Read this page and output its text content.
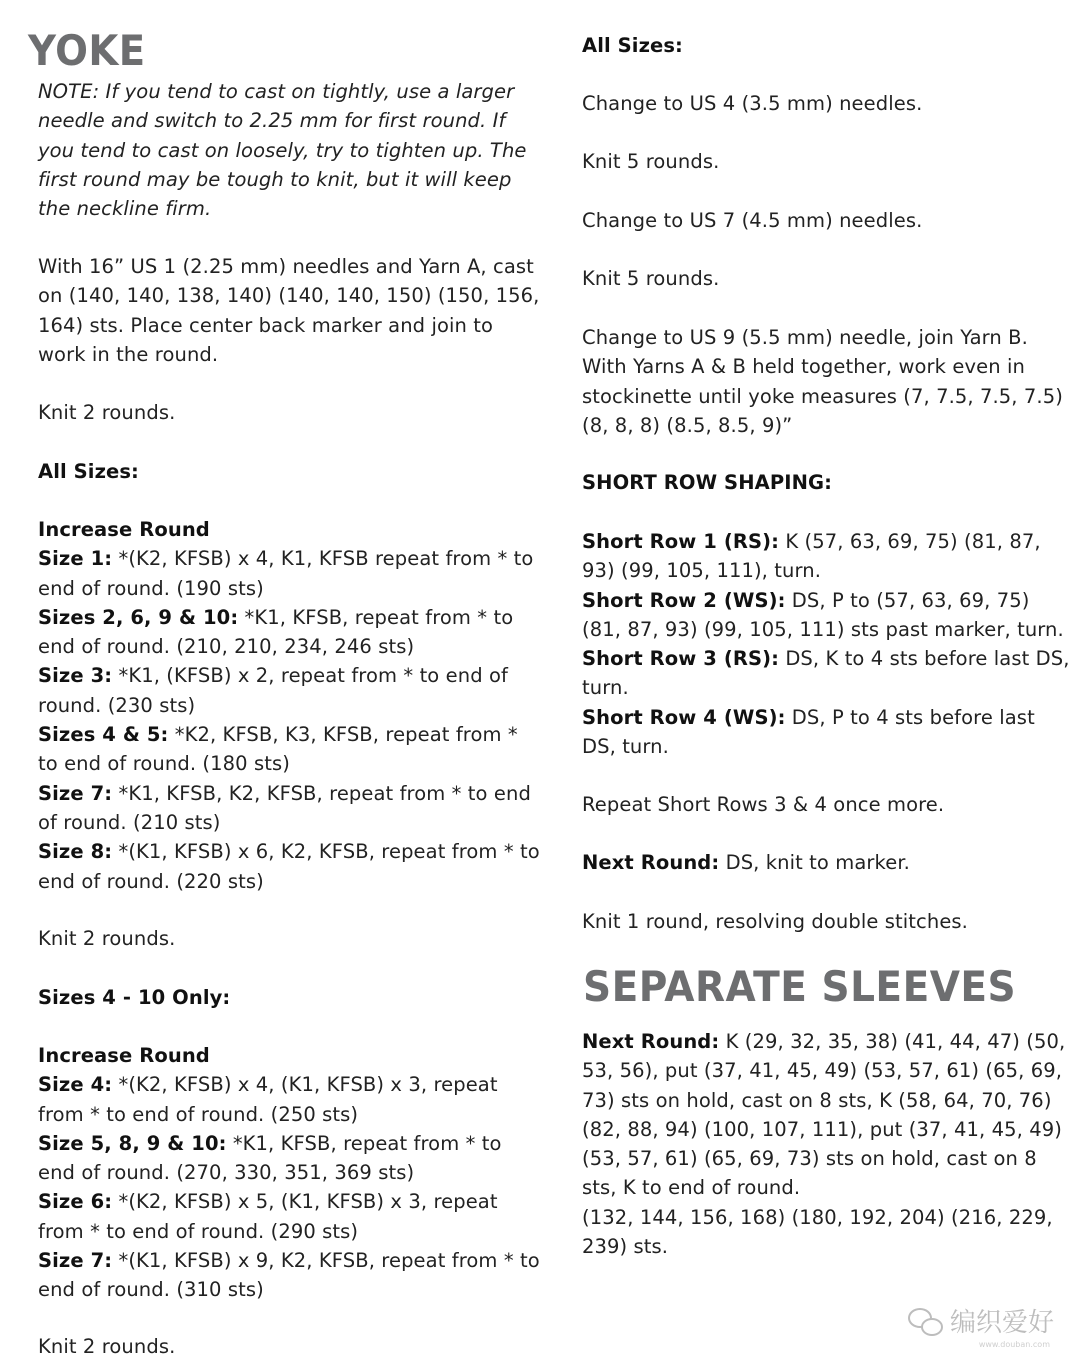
YOKE

NOTE: If you tend to cast on tightly, use a larger needle and switch to 2.25 mm for first round. If you tend to cast on loosely, try to tighten up. The first round may be tough to knit, but it will keep the neckline firm.

With 16” US 1 (2.25 mm) needles and Yarn A, cast on (140, 140, 138, 140) (140, 140, 150) (150, 156, 164) sts. Place center back marker and join to work in the round.

Knit 2 rounds.

All Sizes:

Increase Round
Size 1: *(K2, KFSB) x 4, K1, KFSB repeat from * to end of round. (190 sts)
Sizes 2, 6, 9 & 10: *K1, KFSB, repeat from * to end of round. (210, 210, 234, 246 sts)
Size 3: *K1, (KFSB) x 2, repeat from * to end of round. (230 sts)
Sizes 4 & 5: *K2, KFSB, K3, KFSB, repeat from * to end of round. (180 sts)
Size 7: *K1, KFSB, K2, KFSB, repeat from * to end of round. (210 sts)
Size 8: *(K1, KFSB) x 6, K2, KFSB, repeat from * to end of round. (220 sts)

Knit 2 rounds.

Sizes 4 - 10 Only:

Increase Round
Size 4: *(K2, KFSB) x 4, (K1, KFSB) x 3, repeat from * to end of round. (250 sts)
Size 5, 8, 9 & 10: *K1, KFSB, repeat from * to end of round. (270, 330, 351, 369 sts)
Size 6: *(K2, KFSB) x 5, (K1, KFSB) x 3, repeat from * to end of round. (290 sts)
Size 7: *(K1, KFSB) x 9, K2, KFSB, repeat from * to end of round. (310 sts)

Knit 2 rounds.

All Sizes:

Change to US 4 (3.5 mm) needles.

Knit 5 rounds.

Change to US 7 (4.5 mm) needles.

Knit 5 rounds.

Change to US 9 (5.5 mm) needle, join Yarn B. With Yarns A & B held together, work even in stockinette until yoke measures (7, 7.5, 7.5, 7.5) (8, 8, 8) (8.5, 8.5, 9)”

SHORT ROW SHAPING:

Short Row 1 (RS): K (57, 63, 69, 75) (81, 87, 93) (99, 105, 111), turn.
Short Row 2 (WS): DS, P to (57, 63, 69, 75) (81, 87, 93) (99, 105, 111) sts past marker, turn.
Short Row 3 (RS): DS, K to 4 sts before last DS, turn.
Short Row 4 (WS): DS, P to 4 sts before last DS, turn.

Repeat Short Rows 3 & 4 once more.

Next Round: DS, knit to marker.

Knit 1 round, resolving double stitches.

Next Round: K (29, 32, 35, 38) (41, 44, 47) (50, 53, 56), put (37, 41, 45, 49) (53, 57, 61) (65, 69, 73) sts on hold, cast on 8 sts, K (58, 64, 70, 76) (82, 88, 94) (100, 107, 111), put (37, 41, 45, 49) (53, 57, 61) (65, 69, 73) sts on hold, cast on 8 sts, K to end of round.

(132, 144, 156, 168) (180, 192, 204) (216, 229, 239) sts.

SEPARATE SLEEVES
编织爱好
www.douban.com
